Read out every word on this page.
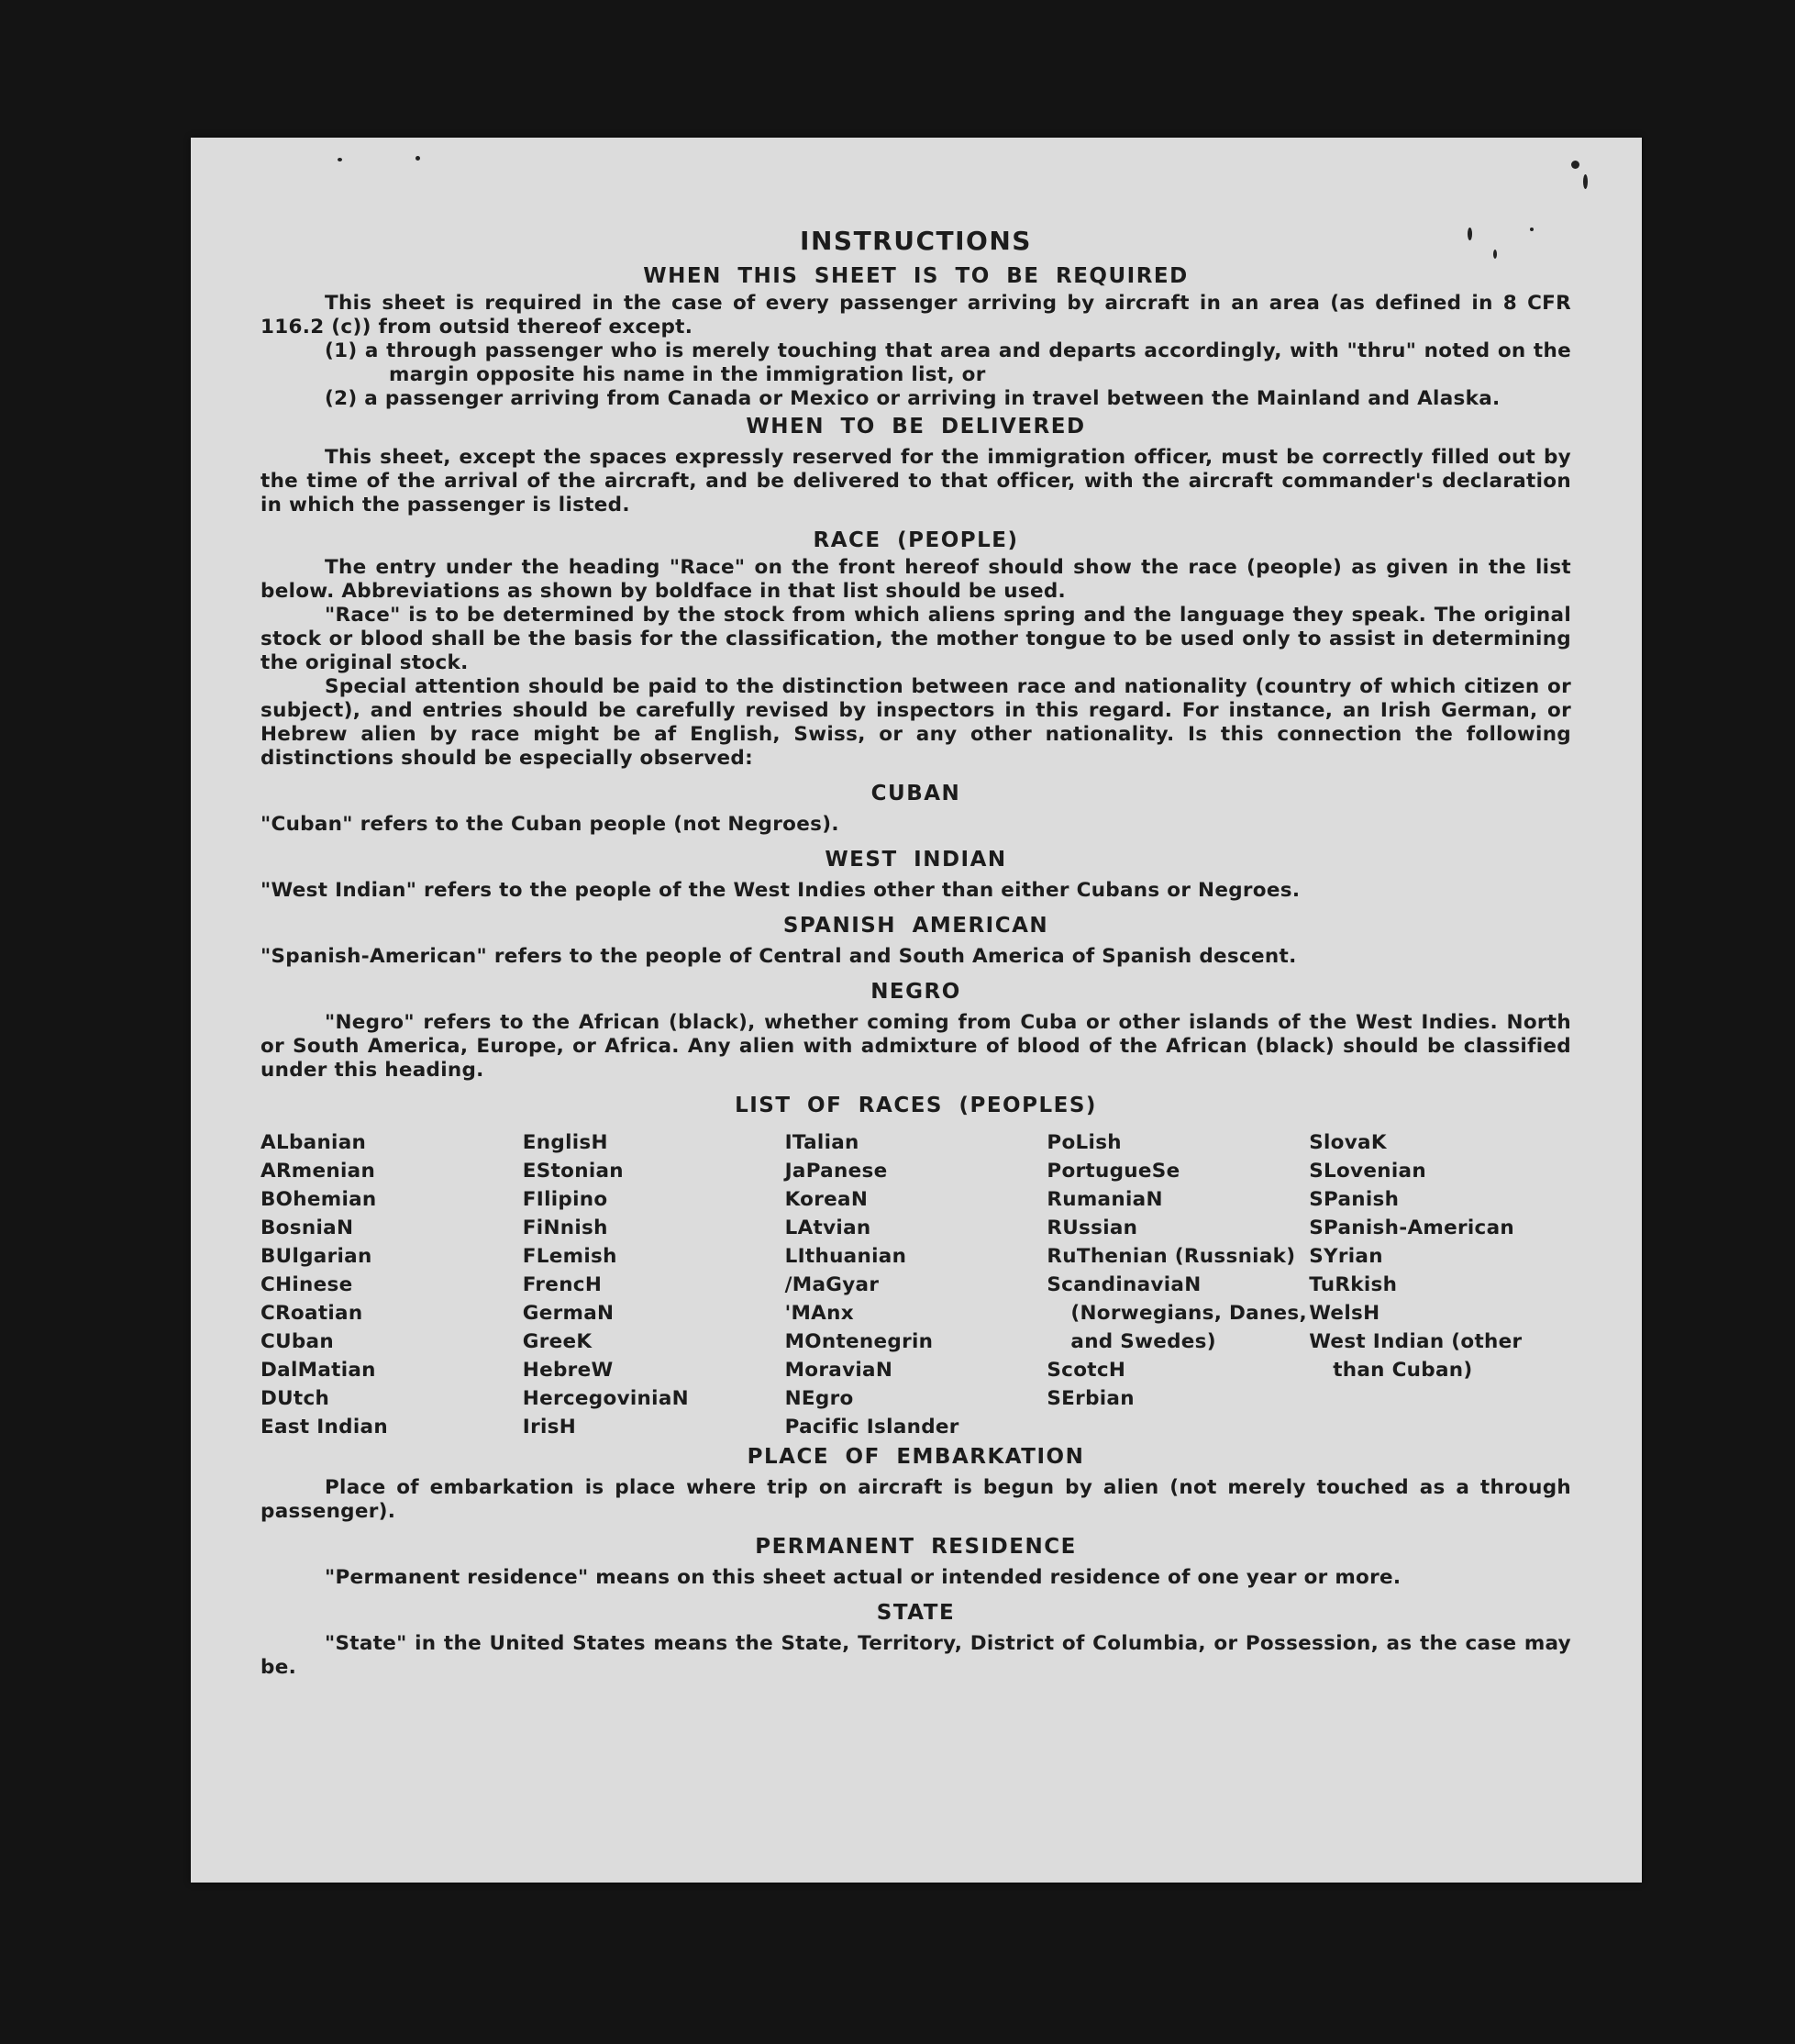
INSTRUCTIONS
WHEN THIS SHEET IS TO BE REQUIRED

This sheet is required in the case of every passenger arriving by aircraft in an area (as defined in 8 CFR 116.2 (c)) from outsid thereof except.

(1) a through passenger who is merely touching that area and departs accordingly, with "thru" noted on the margin opposite his name in the immigration list, or

(2) a passenger arriving from Canada or Mexico or arriving in travel between the Mainland and Alaska.

WHEN TO BE DELIVERED

This sheet, except the spaces expressly reserved for the immigration officer, must be correctly filled out by the time of the arrival of the aircraft, and be delivered to that officer, with the aircraft commander's declaration in which the passenger is listed.

RACE (PEOPLE)

The entry under the heading "Race" on the front hereof should show the race (people) as given in the list below. Abbreviations as shown by boldface in that list should be used.

"Race" is to be determined by the stock from which aliens spring and the language they speak. The original stock or blood shall be the basis for the classification, the mother tongue to be used only to assist in determining the original stock.

Special attention should be paid to the distinction between race and nationality (country of which citizen or subject), and entries should be carefully revised by inspectors in this regard. For instance, an Irish German, or Hebrew alien by race might be af English, Swiss, or any other nationality. Is this connection the following distinctions should be especially observed:

CUBAN

"Cuban" refers to the Cuban people (not Negroes).

WEST INDIAN

"West Indian" refers to the people of the West Indies other than either Cubans or Negroes.

SPANISH AMERICAN

"Spanish-American" refers to the people of Central and South America of Spanish descent.

NEGRO

"Negro" refers to the African (black), whether coming from Cuba or other islands of the West Indies. North or South America, Europe, or Africa. Any alien with admixture of blood of the African (black) should be classified under this heading.

LIST OF RACES (PEOPLES)
ALbanian
ARmenian
BOhemian
BosniaN
BUlgarian
CHinese
CRoatian
CUban
DalMatian
DUtch
East Indian
EnglisH
EStonian
FIlipino
FiNnish
FLemish
FrencH
GermaN
GreeK
HebreW
HercegoviniaN
IrisH
ITalian
JaPanese
KoreaN
LAtvian
LIthuanian
/MaGyar
'MAnx
MOntenegrin
MoraviaN
NEgro
Pacific Islander
PoLish
PortugueSe
RumaniaN
RUssian
RuThenian (Russniak)
ScandinaviaN (Norwegians, Danes, and Swedes)
ScotcH
SErbian
SlovaK
SLovenian
SPanish
SPanish-American
SYrian
TuRkish
WelsH
West Indian (other than Cuban)
PLACE OF EMBARKATION

Place of embarkation is place where trip on aircraft is begun by alien (not merely touched as a through passenger).

PERMANENT RESIDENCE

"Permanent residence" means on this sheet actual or intended residence of one year or more.

STATE

"State" in the United States means the State, Territory, District of Columbia, or Possession, as the case may be.
